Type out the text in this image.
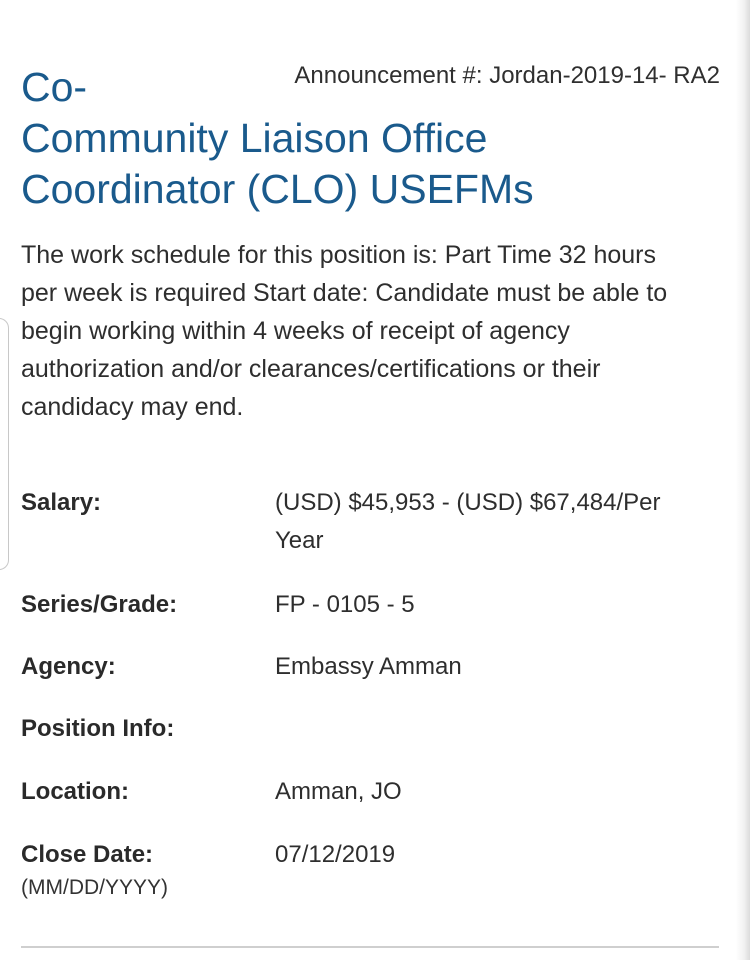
Announcement #: Jordan-2019-14- RA2
Co-
Community Liaison Office
Coordinator (CLO) USEFMs

The work schedule for this position is: Part Time 32 hours
per week is required Start date: Candidate must be able to
begin working within 4 weeks of receipt of agency
authorization and/or clearances/certifications or their
candidacy may end.

Salary:	(USD) $45,953 - (USD) $67,484/Per
Year
Series/Grade:	FP - 0105 - 5
Agency:	Embassy Amman
Position Info:
Location:	Amman, JO
Close Date:	07/12/2019
(MM/DD/YYYY)
